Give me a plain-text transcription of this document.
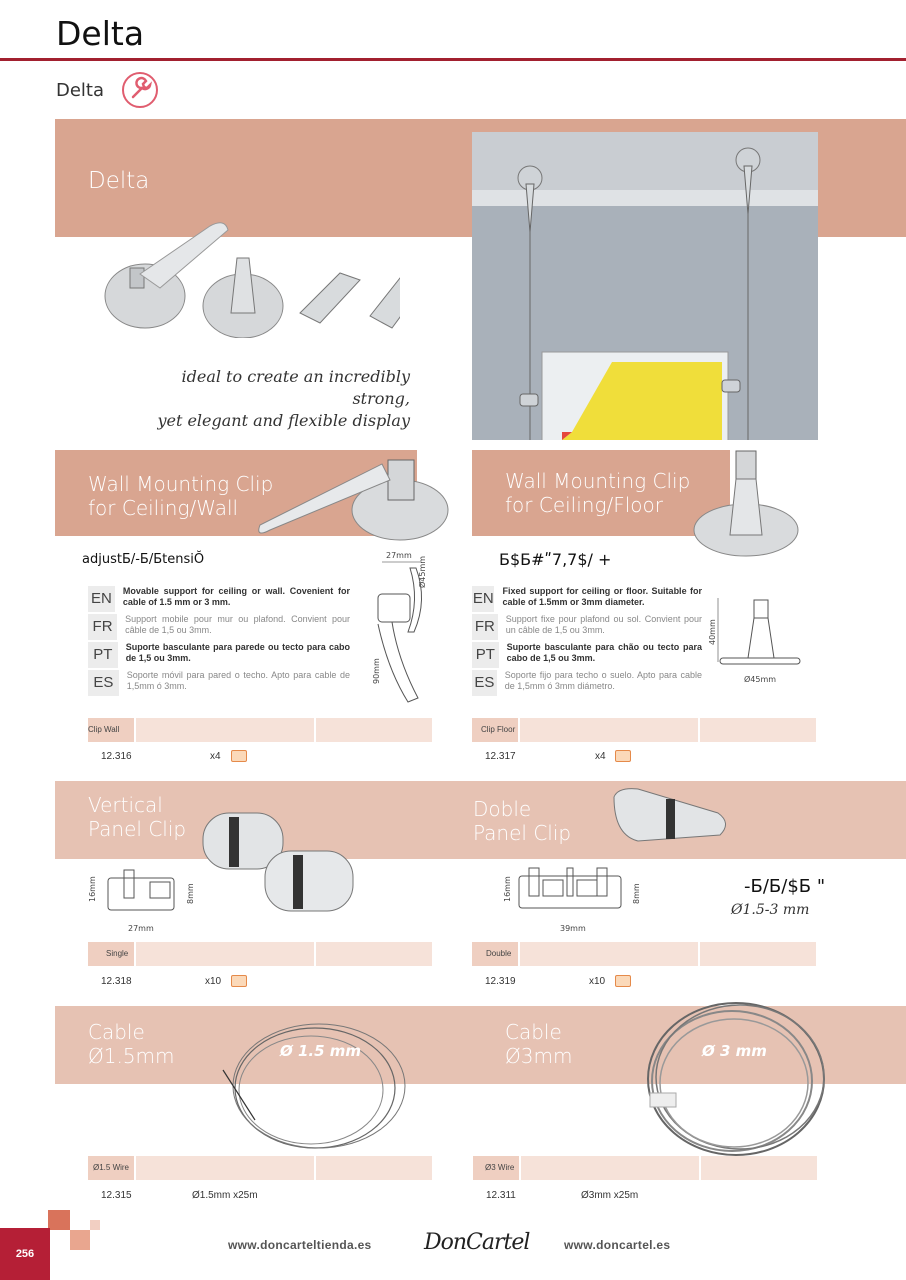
Delta
Delta
Delta
ideal to create an incredibly strong,
yet elegant and flexible display
Wall Mounting Clip
for Ceiling/Wall
adjustБ/-Б/БtensiŎ	27mm
Ø45mm
90mm
EN	Movable support for ceiling or wall. Covenient for cable of 1.5 mm or 3 mm.
FR	Support mobile pour mur ou plafond. Convient pour câble de 1,5 ou 3mm.
PT	Suporte basculante para parede ou tecto para cabo de 1,5 ou 3mm.
ES	Soporte móvil para pared o techo. Apto para cable de 1,5mm ó 3mm.
Clip Wall
12.316	x4
Wall Mounting Clip
for Ceiling/Floor
Б$Б#ʺ7,7$/ +
EN Fixed support for ceiling or floor. Suitable for cable of 1.5mm or 3mm diameter.
FR	Support fixe pour plafond ou sol. Convient pour un câble de 1,5 ou 3mm.
PT	Suporte basculante para chão ou tecto para cabo de 1,5 ou 3mm.
ES Soporte fijo para techo o suelo. Apto para cable de 1,5mm ó 3mm diámetro.
40mm
Ø45mm
Clip Floor
12.317	x4
Vertical
Panel Clip
16mm	8mm
27mm
Single
12.318	x10
Doble
Panel Clip
16mm	8mm
39mm
-Б/Б/$Б "
Ø1.5-3 mm
Double
12.319	x10
Cable
Ø1.5mm	Ø 1.5 mm
Ø1.5 Wire
12.315	Ø1.5mm x25m
Cable
Ø3mm	Ø 3 mm
Ø3 Wire
12.311	Ø3mm x25m
256
www.doncarteltienda.es DonCartel	www.doncartel.es
